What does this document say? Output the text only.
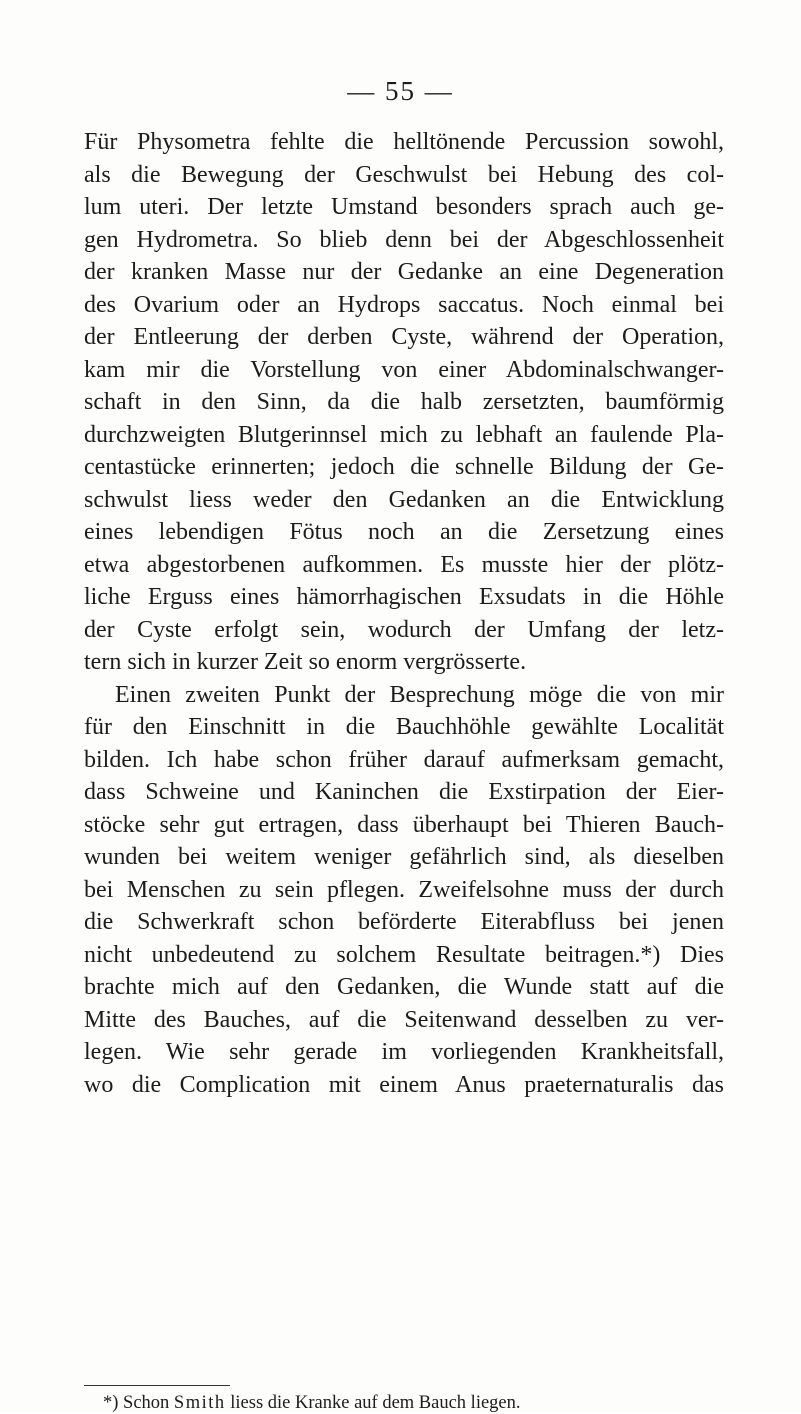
— 55 —
Für Physometra fehlte die helltönende Percussion sowohl,
als die Bewegung der Geschwulst bei Hebung des col-
lum uteri. Der letzte Umstand besonders sprach auch ge-
gen Hydrometra. So blieb denn bei der Abgeschlossenheit
der kranken Masse nur der Gedanke an eine Degeneration
des Ovarium oder an Hydrops saccatus. Noch einmal bei
der Entleerung der derben Cyste, während der Operation,
kam mir die Vorstellung von einer Abdominalschwanger-
schaft in den Sinn, da die halb zersetzten, baumförmig
durchzweigten Blutgerinnsel mich zu lebhaft an faulende Pla-
centastücke erinnerten; jedoch die schnelle Bildung der Ge-
schwulst liess weder den Gedanken an die Entwicklung
eines lebendigen Fötus noch an die Zersetzung eines
etwa abgestorbenen aufkommen. Es musste hier der plötz-
liche Erguss eines hämorrhagischen Exsudats in die Höhle
der Cyste erfolgt sein, wodurch der Umfang der letz-
tern sich in kurzer Zeit so enorm vergrösserte.
Einen zweiten Punkt der Besprechung möge die von mir
für den Einschnitt in die Bauchhöhle gewählte Localität
bilden. Ich habe schon früher darauf aufmerksam gemacht,
dass Schweine und Kaninchen die Exstirpation der Eier-
stöcke sehr gut ertragen, dass überhaupt bei Thieren Bauch-
wunden bei weitem weniger gefährlich sind, als dieselben
bei Menschen zu sein pflegen. Zweifelsohne muss der durch
die Schwerkraft schon beförderte Eiterabfluss bei jenen
nicht unbedeutend zu solchem Resultate beitragen.*) Dies
brachte mich auf den Gedanken, die Wunde statt auf die
Mitte des Bauches, auf die Seitenwand desselben zu ver-
legen. Wie sehr gerade im vorliegenden Krankheitsfall,
wo die Complication mit einem Anus praeternaturalis das
*) Schon Smith liess die Kranke auf dem Bauch liegen.
